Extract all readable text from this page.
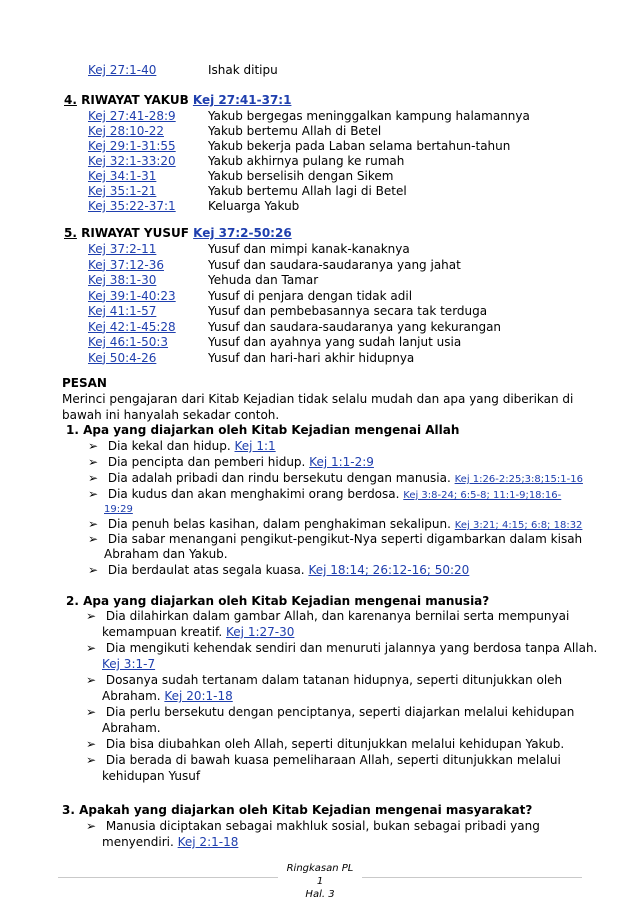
Kej 27:1-40	Ishak ditipu
4. RIWAYAT YAKUB Kej 27:41-37:1
Kej 27:41-28:9	Yakub bergegas meninggalkan kampung halamannya
Kej 28:10-22	Yakub bertemu Allah di Betel
Kej 29:1-31:55	Yakub bekerja pada Laban selama bertahun-tahun
Kej 32:1-33:20	Yakub akhirnya pulang ke rumah
Kej 34:1-31	Yakub berselisih dengan Sikem
Kej 35:1-21	Yakub bertemu Allah lagi di Betel
Kej 35:22-37:1	Keluarga Yakub
5. RIWAYAT YUSUF Kej 37:2-50:26
Kej 37:2-11	Yusuf dan mimpi kanak-kanaknya
Kej 37:12-36	Yusuf dan saudara-saudaranya yang jahat
Kej 38:1-30	Yehuda dan Tamar
Kej 39:1-40:23	Yusuf di penjara dengan tidak adil
Kej 41:1-57	Yusuf dan pembebasannya secara tak terduga
Kej 42:1-45:28	Yusuf dan saudara-saudaranya yang kekurangan
Kej 46:1-50:3	Yusuf dan ayahnya yang sudah lanjut usia
Kej 50:4-26	Yusuf dan hari-hari akhir hidupnya
PESAN
Merinci pengajaran dari Kitab Kejadian tidak selalu mudah dan apa yang diberikan di
bawah ini hanyalah sekadar contoh.
1. Apa yang diajarkan oleh Kitab Kejadian mengenai Allah
➢ Dia kekal dan hidup. Kej 1:1
➢ Dia pencipta dan pemberi hidup. Kej 1:1-2:9
➢ Dia adalah pribadi dan rindu bersekutu dengan manusia. Kej 1:26-2:25;3:8;15:1-16
➢ Dia kudus dan akan menghakimi orang berdosa. Kej 3:8-24; 6:5-8; 11:1-9;18:16-
19:29
➢ Dia penuh belas kasihan, dalam penghakiman sekalipun. Kej 3:21; 4:15; 6:8; 18:32
➢ Dia sabar menangani pengikut-pengikut-Nya seperti digambarkan dalam kisah
Abraham dan Yakub.
➢ Dia berdaulat atas segala kuasa. Kej 18:14; 26:12-16; 50:20
2. Apa yang diajarkan oleh Kitab Kejadian mengenai manusia?
➢ Dia dilahirkan dalam gambar Allah, dan karenanya bernilai serta mempunyai
kemampuan kreatif. Kej 1:27-30
➢ Dia mengikuti kehendak sendiri dan menuruti jalannya yang berdosa tanpa Allah.
Kej 3:1-7
➢ Dosanya sudah tertanam dalam tatanan hidupnya, seperti ditunjukkan oleh
Abraham. Kej 20:1-18
➢ Dia perlu bersekutu dengan penciptanya, seperti diajarkan melalui kehidupan
Abraham.
➢ Dia bisa diubahkan oleh Allah, seperti ditunjukkan melalui kehidupan Yakub.
➢ Dia berada di bawah kuasa pemeliharaan Allah, seperti ditunjukkan melalui
kehidupan Yusuf
3. Apakah yang diajarkan oleh Kitab Kejadian mengenai masyarakat?
➢ Manusia diciptakan sebagai makhluk sosial, bukan sebagai pribadi yang
menyendiri. Kej 2:1-18
Ringkasan PL
1
Hal. 3
